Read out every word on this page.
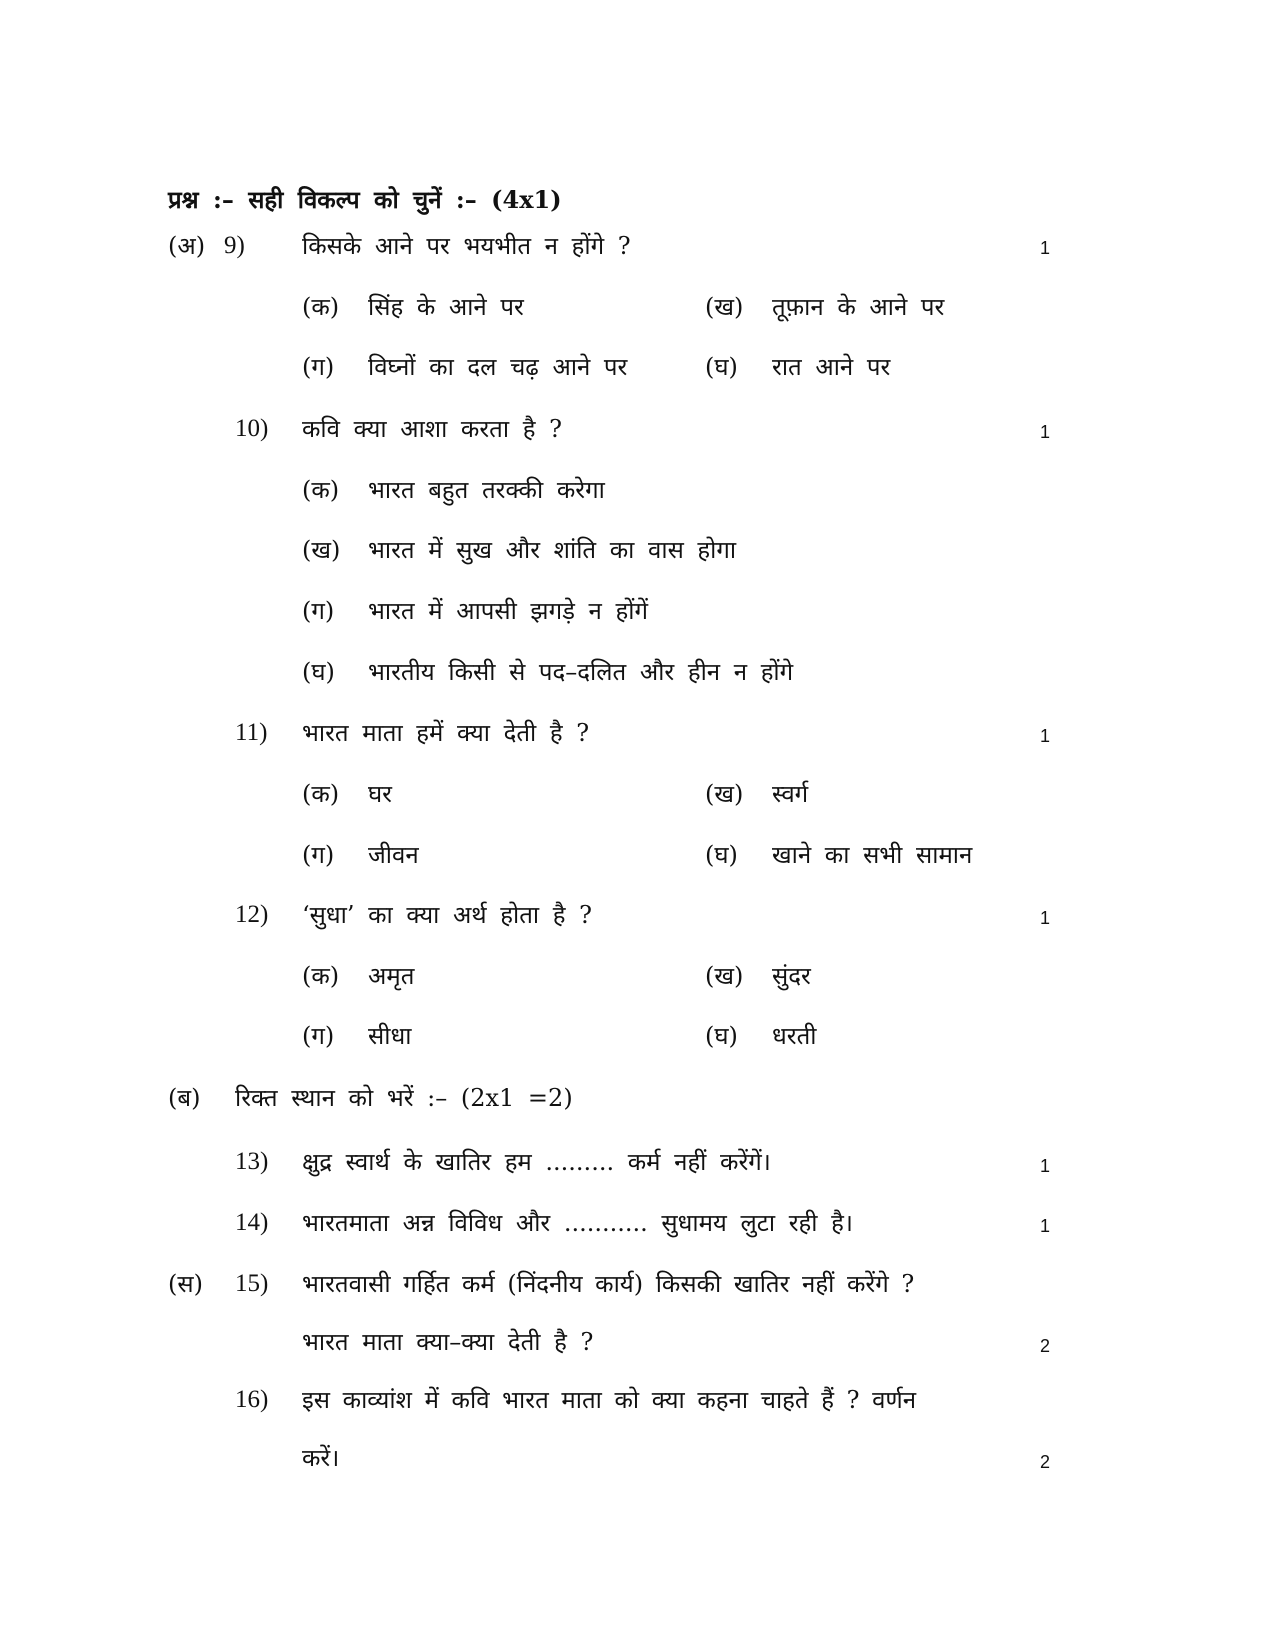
प्रश्न :– सही विकल्प को चुनें :– (4x1)
(अ) 9) किसके आने पर भयभीत न होंगे ?	1
(क) सिंह के आने पर	(ख) तूफ़ान के आने पर
(ग) विघ्नों का दल चढ़ आने पर	(घ) रात आने पर
10) कवि क्या आशा करता है ?	1
(क) भारत बहुत तरक्की करेगा
(ख) भारत में सुख और शांति का वास होगा
(ग) भारत में आपसी झगड़े न होंगें
(घ) भारतीय किसी से पद–दलित और हीन न होंगे
11) भारत माता हमें क्या देती है ?	1
(क) घर	(ख) स्वर्ग
(ग) जीवन	(घ) खाने का सभी सामान
12) ‘सुधा’ का क्या अर्थ होता है ?	1
(क) अमृत	(ख) सुंदर
(ग) सीधा	(घ) धरती
(ब) रिक्त स्थान को भरें :– (2x1 =2)
13) क्षुद्र स्वार्थ के खातिर हम ......... कर्म नहीं करेंगें।	1
14) भारतमाता अन्न विविध और ........... सुधामय लुटा रही है।	1
(स) 15) भारतवासी गर्हित कर्म (निंदनीय कार्य) किसकी खातिर नहीं करेंगे ?
भारत माता क्या–क्या देती है ?	2
16) इस काव्यांश में कवि भारत माता को क्या कहना चाहते हैं ? वर्णन
करें।	2
